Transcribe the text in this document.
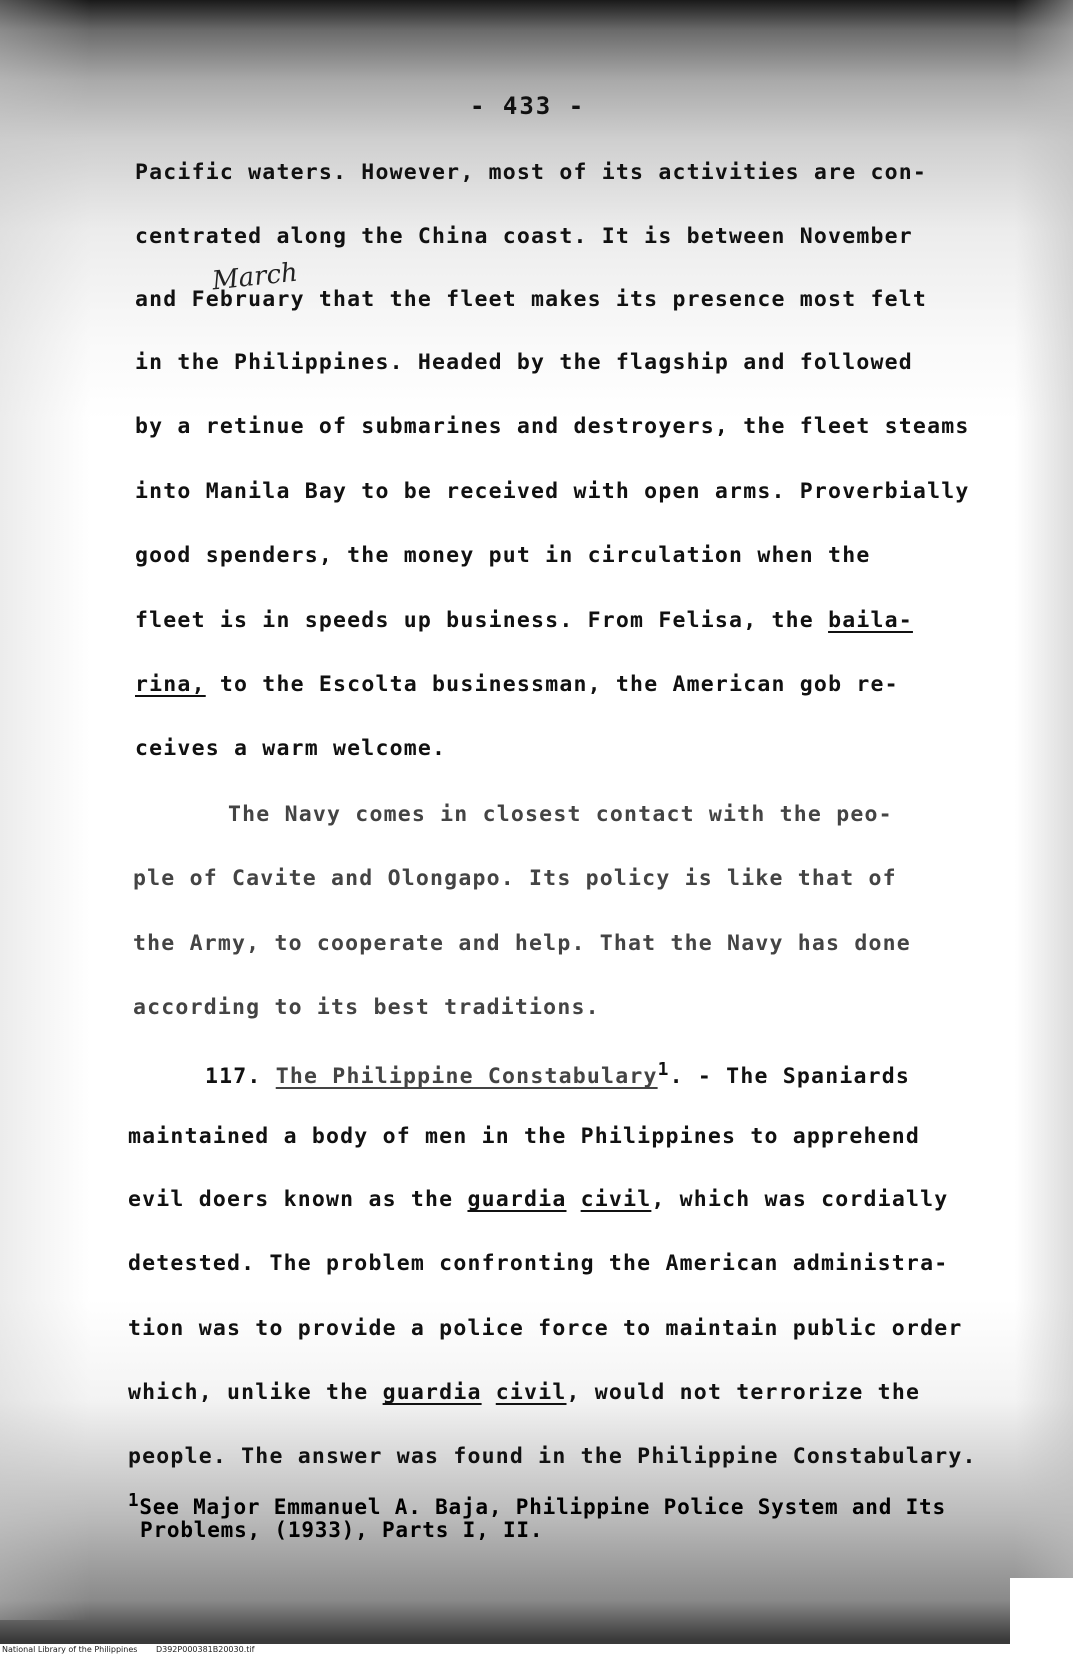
- 433 -
March
Pacific waters. However, most of its activities are con-
centrated along the China coast. It is between November
and February that the fleet makes its presence most felt
in the Philippines. Headed by the flagship and followed
by a retinue of submarines and destroyers, the fleet steams
into Manila Bay to be received with open arms. Proverbially
good spenders, the money put in circulation when the
fleet is in speeds up business. From Felisa, the baila-
rina, to the Escolta businessman, the American gob re-
ceives a warm welcome.
The Navy comes in closest contact with the peo-
ple of Cavite and Olongapo. Its policy is like that of
the Army, to cooperate and help. That the Navy has done
according to its best traditions.
117. The Philippine Constabulary$^1$. - The Spaniards
maintained a body of men in the Philippines to apprehend
evil doers known as the guardia civil, which was cordially
detested. The problem confronting the American administra-
tion was to provide a police force to maintain public order
which, unlike the guardia civil, would not terrorize the
people. The answer was found in the Philippine Constabulary.
$^1$See Major Emmanuel A. Baja, Philippine Police System and Its
Problems, (1933), Parts I, II.
National Library of the Philippines D392P000381B20030.tif
